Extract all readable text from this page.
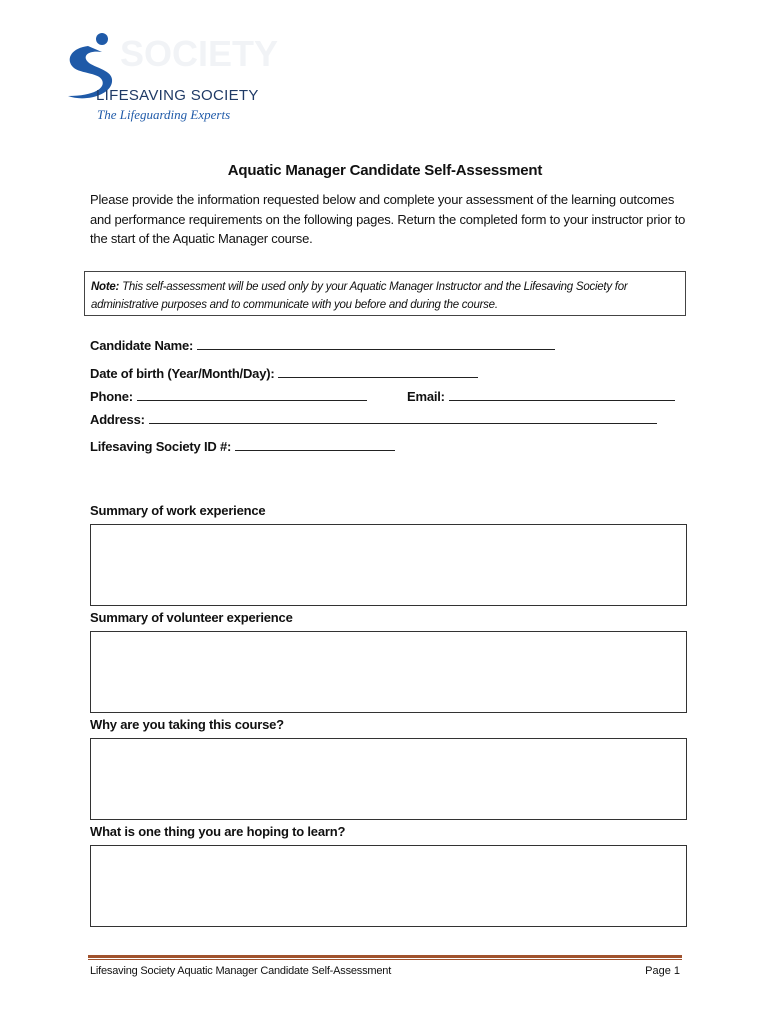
SOCIETY
LIFESAVING SOCIETY
The Lifeguarding Experts
Aquatic Manager Candidate Self-Assessment
Please provide the information requested below and complete your assessment of the learning outcomes and performance requirements on the following pages. Return the completed form to your instructor prior to the start of the Aquatic Manager course.
Note: This self-assessment will be used only by your Aquatic Manager Instructor and the Lifesaving Society for administrative purposes and to communicate with you before and during the course.
Candidate Name:
Date of birth (Year/Month/Day):
Phone:	Email:
Address:
Lifesaving Society ID #:
Summary of work experience
Summary of volunteer experience
Why are you taking this course?
What is one thing you are hoping to learn?
Lifesaving Society Aquatic Manager Candidate Self-Assessment	Page 1
